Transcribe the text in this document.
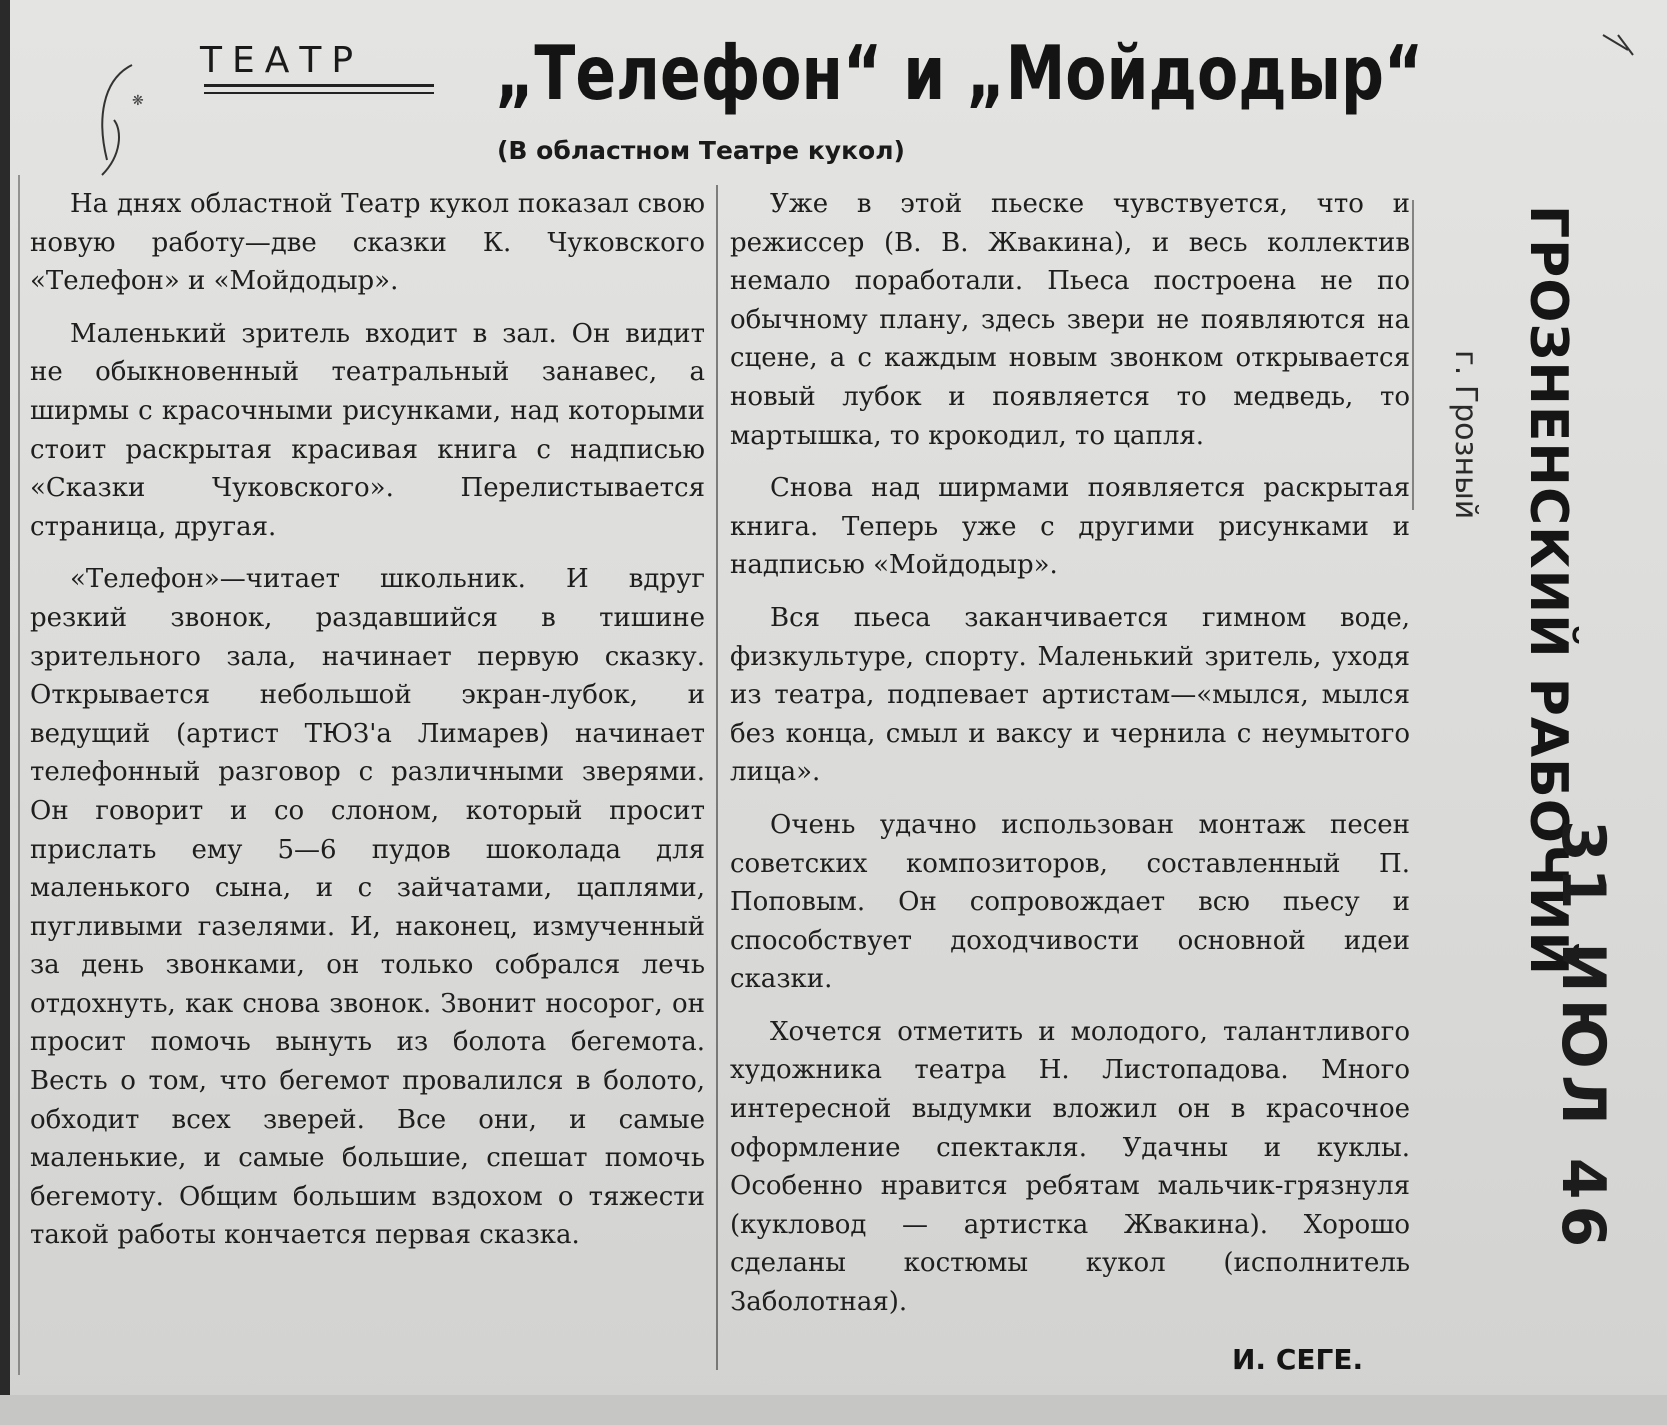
❋
ТЕАТР „Телефон“ и „Мойдодыр“
(В областном Театре кукол)

На днях областной Театр кукол показал свою новую работу—две сказки К. Чуковского «Телефон» и «Мойдодыр».

Маленький зритель входит в зал. Он видит не обыкновенный театральный занавес, а ширмы с красочными рисунками, над которыми стоит раскрытая красивая книга с надписью «Сказки Чуковского». Перелистывается страница, другая.

«Телефон»—читает школьник. И вдруг резкий звонок, раздавшийся в тишине зрительного зала, начинает первую сказку. Открывается небольшой экран-лубок, и ведущий (артист ТЮЗ'а Лимарев) начинает телефонный разговор с различными зверями. Он говорит и со слоном, который просит прислать ему 5—6 пудов шоколада для маленького сына, и с зайчатами, цаплями, пугливыми газелями. И, наконец, измученный за день звонками, он только собрался лечь отдохнуть, как снова звонок. Звонит носорог, он просит помочь вынуть из болота бегемота. Весть о том, что бегемот провалился в болото, обходит всех зверей. Все они, и самые маленькие, и самые большие, спешат помочь бегемоту. Общим большим вздохом о тяжести такой работы кончается первая сказка.

Уже в этой пьеске чувствуется, что и режиссер (В. В. Жвакина), и весь коллектив немало поработали. Пьеса построена не по обычному плану, здесь звери не появляются на сцене, а с каждым новым звонком открывается новый лубок и появляется то медведь, то мартышка, то крокодил, то цапля.

Снова над ширмами появляется раскрытая книга. Теперь уже с другими рисунками и надписью «Мойдодыр».

Вся пьеса заканчивается гимном воде, физкультуре, спорту. Маленький зритель, уходя из театра, подпевает артистам—«мылся, мылся без конца, смыл и ваксу и чернила с неумытого лица».

Очень удачно использован монтаж песен советских композиторов, составленный П. Поповым. Он сопровождает всю пьесу и способствует доходчивости основной идеи сказки.

Хочется отметить и молодого, талантливого художника театра Н. Листопадова. Много интересной выдумки вложил он в красочное оформление спектакля. Удачны и куклы. Особенно нравится ребятам мальчик-грязнуля (кукловод — артистка Жвакина). Хорошо сделаны костюмы кукол (исполнитель Заболотная).

И. СЕГЕ.
ГРОЗНЕНСКИЙ РАБОЧИЙ
г. Грозный
31 ИЮЛ 46
